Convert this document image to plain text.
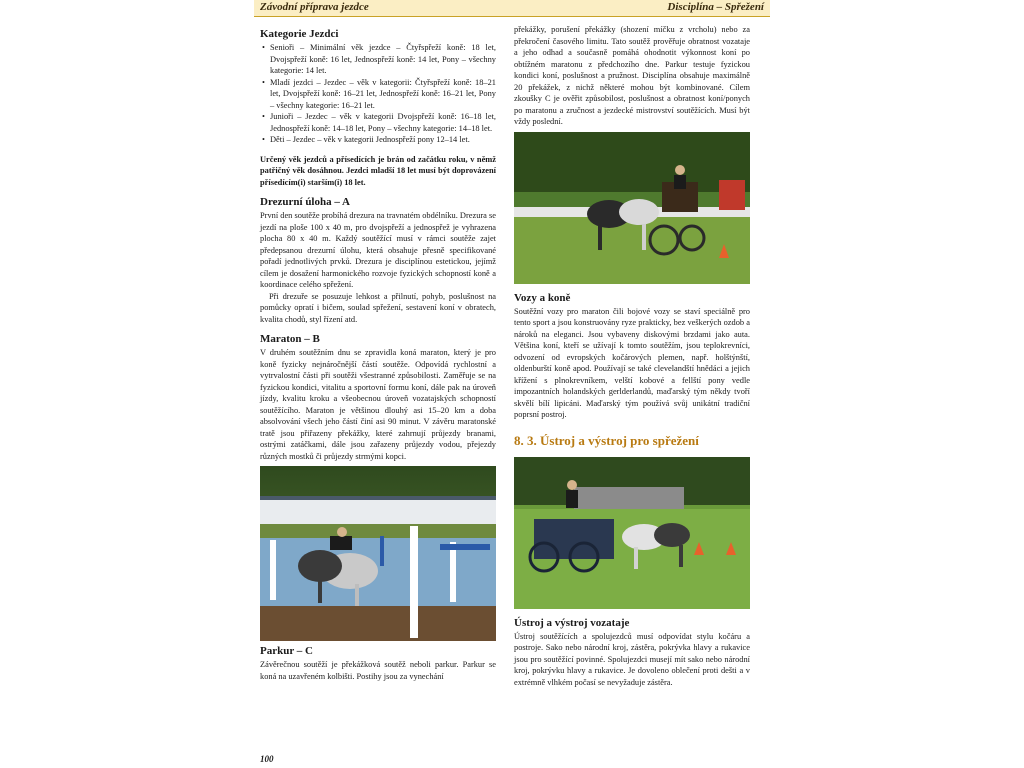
Závodní příprava jezdce	Disciplína – Spřežení
Kategorie Jezdci
• Senioři – Minimální věk jezdce – Čtyřspřeží koně: 18 let, Dvojspřeží koně: 16 let, Jednospřeží koně: 14 let, Pony – všechny kategorie: 14 let.
• Mladí jezdci – Jezdec – věk v kategorii: Čtyřspřeží koně: 18–21 let, Dvojspřeží koně: 16–21 let, Jednospřeží koně: 16–21 let, Pony – všechny kategorie: 16–21 let.
• Junioři – Jezdec – věk v kategorii Dvojspřeží koně: 16–18 let, Jednospřeží koně: 14–18 let, Pony – všechny kategorie: 14–18 let.
• Děti – Jezdec – věk v kategorii Jednospřeží pony 12–14 let.

Určený věk jezdců a přísedících je brán od začátku roku, v němž patřičný věk dosáhnou. Jezdci mladší 18 let musí být doprovázení přísedícím(i) starším(i) 18 let.

Drezurní úloha – A

První den soutěže probíhá drezura na travnatém obdélníku. Drezura se jezdí na ploše 100 x 40 m, pro dvojspřeží a jednospřež je vyhrazena plocha 80 x 40 m. Každý soutěžící musí v rámci soutěže zajet předepsanou drezurní úlohu, která obsahuje přesně specifikované pořadí jednotlivých prvků. Drezura je disciplínou estetickou, jejímž cílem je dosažení harmonického rozvoje fyzických schopností koně a koordinace celého spřežení.

Při drezuře se posuzuje lehkost a přilnutí, pohyb, poslušnost na pomůcky opratí i bičem, soulad spřežení, sestavení koní v obratech, kvalita chodů, styl řízení atd.

Maraton – B

V druhém soutěžním dnu se zpravidla koná maraton, který je pro koně fyzicky nejnáročnější částí soutěže. Odpovídá rychlostní a vytrvalostní části při soutěži všestranné způsobilosti. Zaměřuje se na fyzickou kondici, vitalitu a sportovní formu koní, dále pak na úroveň jízdy, kvalitu kroku a všeobecnou úroveň vozatajských schopností soutěžícího. Maraton je většinou dlouhý asi 15–20 km a doba absolvování všech jeho částí činí asi 90 minut. V závěru maratonské tratě jsou přiřazeny překážky, které zahrnují průjezdy branami, ostrými zatáčkami, dále jsou zařazeny průjezdy vodou, přejezdy různých mostků či průjezdy strmými kopci.

Parkur – C

Závěrečnou soutěží je překážková soutěž neboli parkur. Parkur se koná na uzavřeném kolbišti. Postihy jsou za vynechání

100

překážky, porušení překážky (shození míčku z vrcholu) nebo za překročení časového limitu. Tato soutěž prověřuje obratnost vozataje a jeho odhad a současně pomáhá ohodnotit výkonnost koní po obtížném maratonu z předchozího dne. Parkur testuje fyzickou kondici koní, poslušnost a pružnost. Disciplína obsahuje maximálně 20 překážek, z nichž některé mohou být kombinované. Cílem zkoušky C je ověřit způsobilost, poslušnost a obratnost koní/ponych po maratonu a zručnost a jezdecké mistrovství soutěžících. Musí být vždy poslední.

Vozy a koně

Soutěžní vozy pro maraton čili bojové vozy se staví speciálně pro tento sport a jsou konstruovány ryze prakticky, bez veškerých ozdob a nároků na eleganci. Jsou vybaveny diskovými brzdami jako auta. Většina koní, kteří se užívají k tomto soutěžím, jsou teplokrevníci, odvození od evropských kočárových plemen, např. holštýnští, oldenburští koně apod. Používají se také clevelandští hnědáci a jejich křížení s plnokrevníkem, velští kobové a fellští pony vedle impozantních holandských gerlderlandů, maďarský tým někdy tvoří skvělí bílí lipicáni. Maďarský tým používá svůj unikátní tradiční poprsní postroj.

8. 3. Ústroj a výstroj pro spřežení

Ústroj a výstroj vozataje

Ústroj soutěžících a spolujezdců musí odpovídat stylu kočáru a postroje. Sako nebo národní kroj, zástěra, pokrývka hlavy a rukavice jsou pro soutěžící povinné. Spolujezdci musejí mít sako nebo národní kroj, pokrývku hlavy a rukavice. Je dovoleno oblečení proti dešti a v extrémně vlhkém počasí se nevyžaduje zástěra.
